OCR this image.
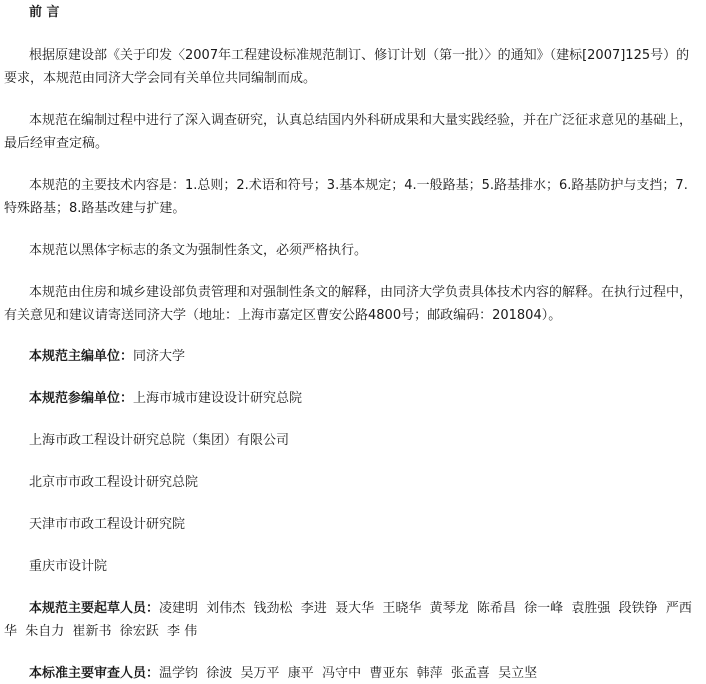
前 言

根据原建设部《关于印发〈2007年工程建设标准规范制订、修订计划（第一批）〉的通知》（建标[2007]125号）的要求，本规范由同济大学会同有关单位共同编制而成。

本规范在编制过程中进行了深入调查研究，认真总结国内外科研成果和大量实践经验，并在广泛征求意见的基础上，最后经审查定稿。

本规范的主要技术内容是：1.总则；2.术语和符号；3.基本规定；4.一般路基；5.路基排水；6.路基防护与支挡；7.特殊路基；8.路基改建与扩建。

本规范以黑体字标志的条文为强制性条文，必须严格执行。

本规范由住房和城乡建设部负责管理和对强制性条文的解释，由同济大学负责具体技术内容的解释。在执行过程中，有关意见和建议请寄送同济大学（地址：上海市嘉定区曹安公路4800号；邮政编码：201804）。

本规范主编单位：同济大学
本规范参编单位：上海市城市建设设计研究总院
上海市政工程设计研究总院（集团）有限公司
北京市市政工程设计研究总院
天津市市政工程设计研究院
重庆市设计院

本规范主要起草人员：凌建明  刘伟杰  钱劲松  李进  聂大华  王晓华  黄琴龙  陈希昌  徐一峰  袁胜强  段铁铮  严西华  朱自力  崔新书  徐宏跃  李 伟

本标准主要审查人员：温学钧  徐波  吴万平  康平  冯守中  曹亚东  韩萍  张孟喜  吴立坚
